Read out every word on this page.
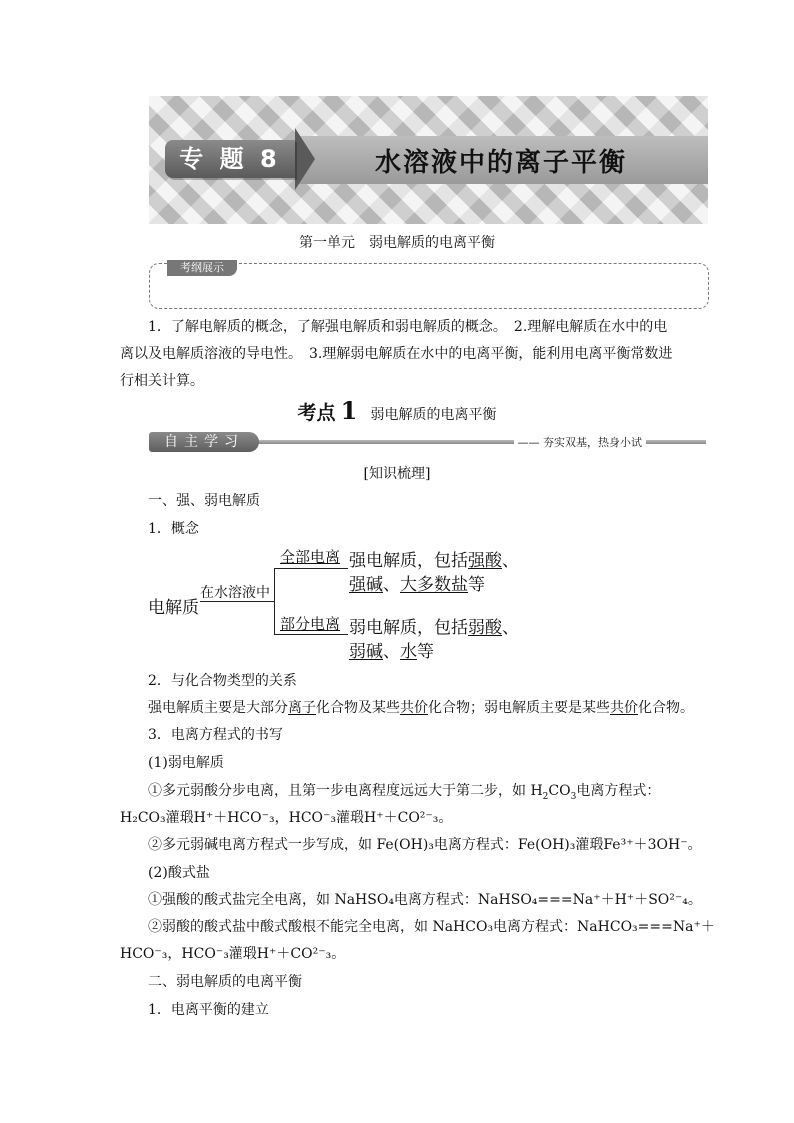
专 题 8	水溶液中的离子平衡
第一单元　弱电解质的电离平衡
考纲展示
1．了解电解质的概念，了解强电解质和弱电解质的概念。　2.理解电解质在水中的电离以及电解质溶液的导电性。　3.理解弱电解质在水中的电离平衡，能利用电离平衡常数进行相关计算。
考点 1 弱电解质的电离平衡
自主学习	—— 夯实双基，热身小试
[知识梳理]
一、强、弱电解质
1．概念
电解质
在水溶液中
全部电离 强电解质，包括强酸、
强碱、大多数盐等
部分电离 弱电解质，包括弱酸、
弱碱、水等
2．与化合物类型的关系
强电解质主要是大部分离子化合物及某些共价化合物；弱电解质主要是某些共价化合物。
3．电离方程式的书写
(1)弱电解质
①多元弱酸分步电离，且第一步电离程度远远大于第二步，如 $H_2CO_3$电离方程式：
H₂CO₃灌瑖H⁺＋HCO⁻₃，HCO⁻₃灌瑖H⁺＋CO²⁻₃。
②多元弱碱电离方程式一步写成，如 Fe(OH)₃电离方程式：Fe(OH)₃灌瑖Fe³⁺＋3OH⁻。
(2)酸式盐
①强酸的酸式盐完全电离，如 NaHSO₄电离方程式：NaHSO₄===Na⁺＋H⁺＋SO²⁻₄。
②弱酸的酸式盐中酸式酸根不能完全电离，如 NaHCO₃电离方程式：NaHCO₃===Na⁺＋
HCO⁻₃，HCO⁻₃灌瑖H⁺＋CO²⁻₃。
二、弱电解质的电离平衡
1．电离平衡的建立
